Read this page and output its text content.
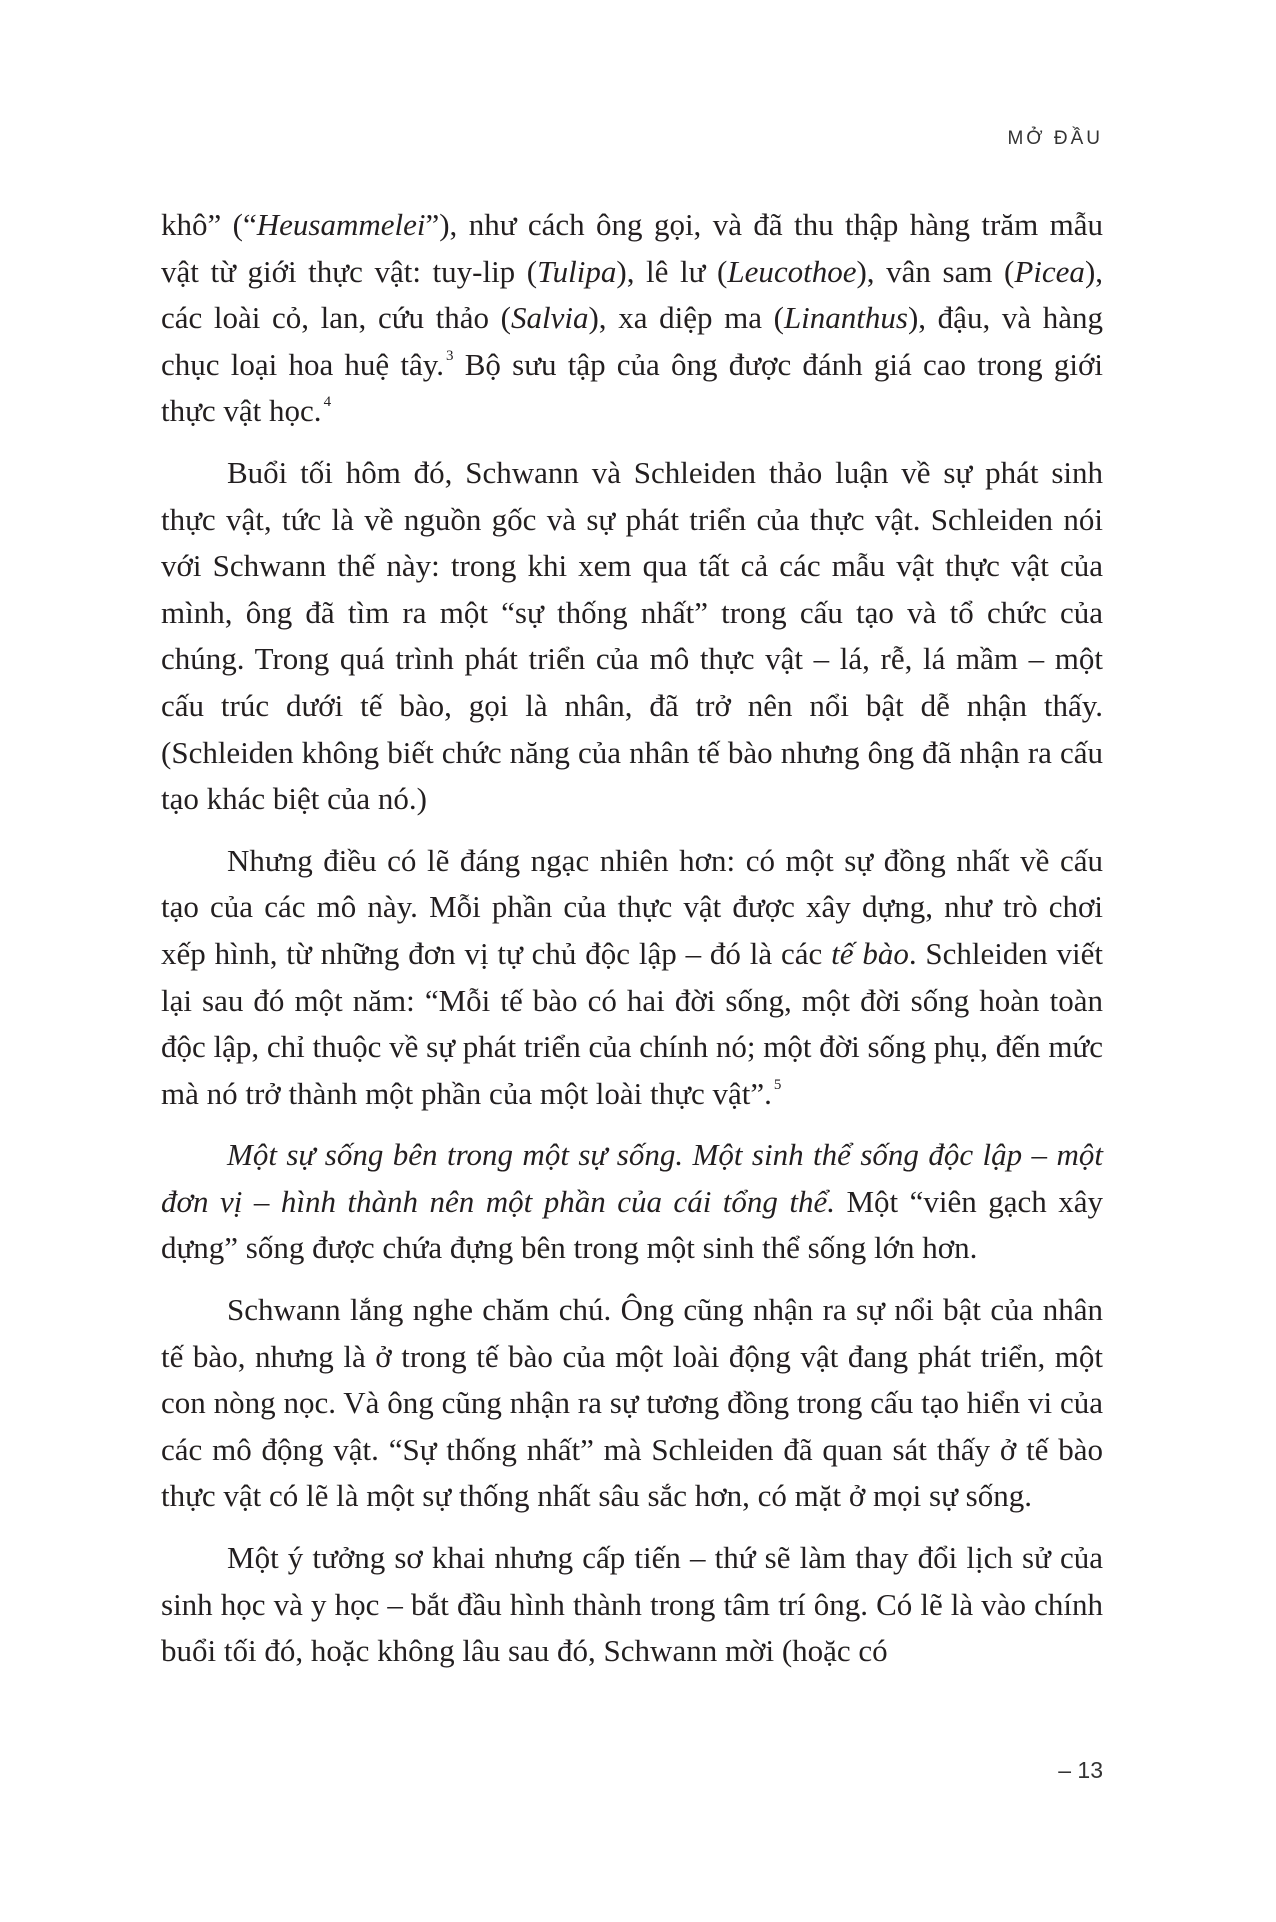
MỞ ĐẦU

khô” (“Heusammelei”), như cách ông gọi, và đã thu thập hàng trăm mẫu vật từ giới thực vật: tuy-lip (Tulipa), lê lư (Leucothoe), vân sam (Picea), các loài cỏ, lan, cứu thảo (Salvia), xa diệp ma (Linanthus), đậu, và hàng chục loại hoa huệ tây. $^3$ Bộ sưu tập của ông được đánh giá cao trong giới thực vật học. $^4$

Buổi tối hôm đó, Schwann và Schleiden thảo luận về sự phát sinh thực vật, tức là về nguồn gốc và sự phát triển của thực vật. Schleiden nói với Schwann thế này: trong khi xem qua tất cả các mẫu vật thực vật của mình, ông đã tìm ra một “sự thống nhất” trong cấu tạo và tổ chức của chúng. Trong quá trình phát triển của mô thực vật – lá, rễ, lá mầm – một cấu trúc dưới tế bào, gọi là nhân, đã trở nên nổi bật dễ nhận thấy. (Schleiden không biết chức năng của nhân tế bào nhưng ông đã nhận ra cấu tạo khác biệt của nó.)

Nhưng điều có lẽ đáng ngạc nhiên hơn: có một sự đồng nhất về cấu tạo của các mô này. Mỗi phần của thực vật được xây dựng, như trò chơi xếp hình, từ những đơn vị tự chủ độc lập – đó là các tế bào. Schleiden viết lại sau đó một năm: “Mỗi tế bào có hai đời sống, một đời sống hoàn toàn độc lập, chỉ thuộc về sự phát triển của chính nó; một đời sống phụ, đến mức mà nó trở thành một phần của một loài thực vật”. $^5$

Một sự sống bên trong một sự sống. Một sinh thể sống độc lập – một đơn vị – hình thành nên một phần của cái tổng thể. Một “viên gạch xây dựng” sống được chứa đựng bên trong một sinh thể sống lớn hơn.

Schwann lắng nghe chăm chú. Ông cũng nhận ra sự nổi bật của nhân tế bào, nhưng là ở trong tế bào của một loài động vật đang phát triển, một con nòng nọc. Và ông cũng nhận ra sự tương đồng trong cấu tạo hiển vi của các mô động vật. “Sự thống nhất” mà Schleiden đã quan sát thấy ở tế bào thực vật có lẽ là một sự thống nhất sâu sắc hơn, có mặt ở mọi sự sống.

Một ý tưởng sơ khai nhưng cấp tiến – thứ sẽ làm thay đổi lịch sử của sinh học và y học – bắt đầu hình thành trong tâm trí ông. Có lẽ là vào chính buổi tối đó, hoặc không lâu sau đó, Schwann mời (hoặc có

– 13
